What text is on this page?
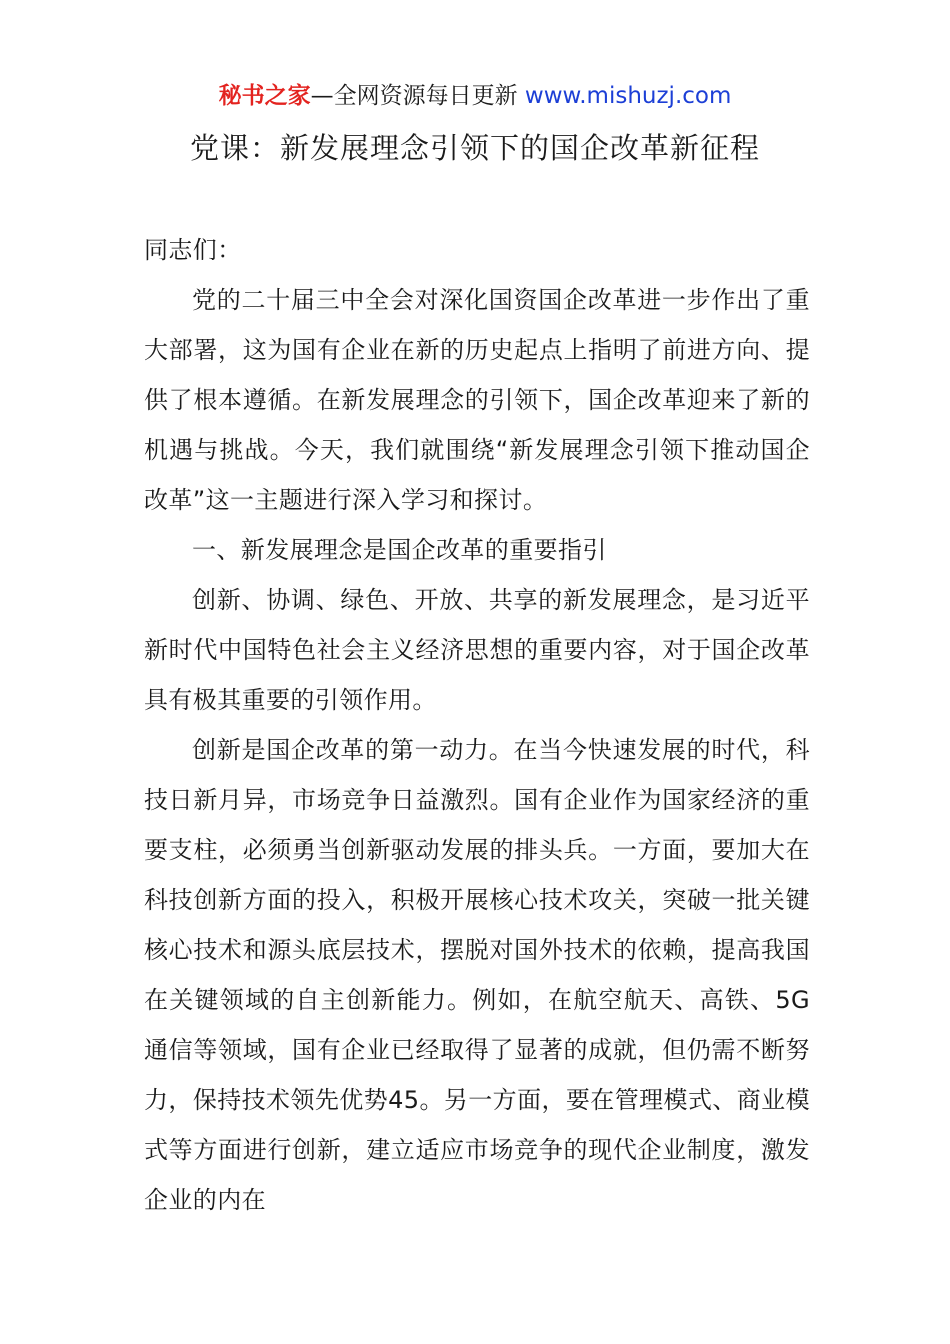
秘书之家—全网资源每日更新 www.mishuzj.com
党课：新发展理念引领下的国企改革新征程

同志们：

党的二十届三中全会对深化国资国企改革进一步作出了重大部署，这为国有企业在新的历史起点上指明了前进方向、提供了根本遵循。在新发展理念的引领下，国企改革迎来了新的机遇与挑战。今天，我们就围绕“新发展理念引领下推动国企改革”这一主题进行深入学习和探讨。

一、新发展理念是国企改革的重要指引

创新、协调、绿色、开放、共享的新发展理念，是习近平新时代中国特色社会主义经济思想的重要内容，对于国企改革具有极其重要的引领作用。

创新是国企改革的第一动力。在当今快速发展的时代，科技日新月异，市场竞争日益激烈。国有企业作为国家经济的重要支柱，必须勇当创新驱动发展的排头兵。一方面，要加大在科技创新方面的投入，积极开展核心技术攻关，突破一批关键核心技术和源头底层技术，摆脱对国外技术的依赖，提高我国在关键领域的自主创新能力。例如，在航空航天、高铁、5G通信等领域，国有企业已经取得了显著的成就，但仍需不断努力，保持技术领先优势45。另一方面，要在管理模式、商业模式等方面进行创新，建立适应市场竞争的现代企业制度，激发企业的内在
